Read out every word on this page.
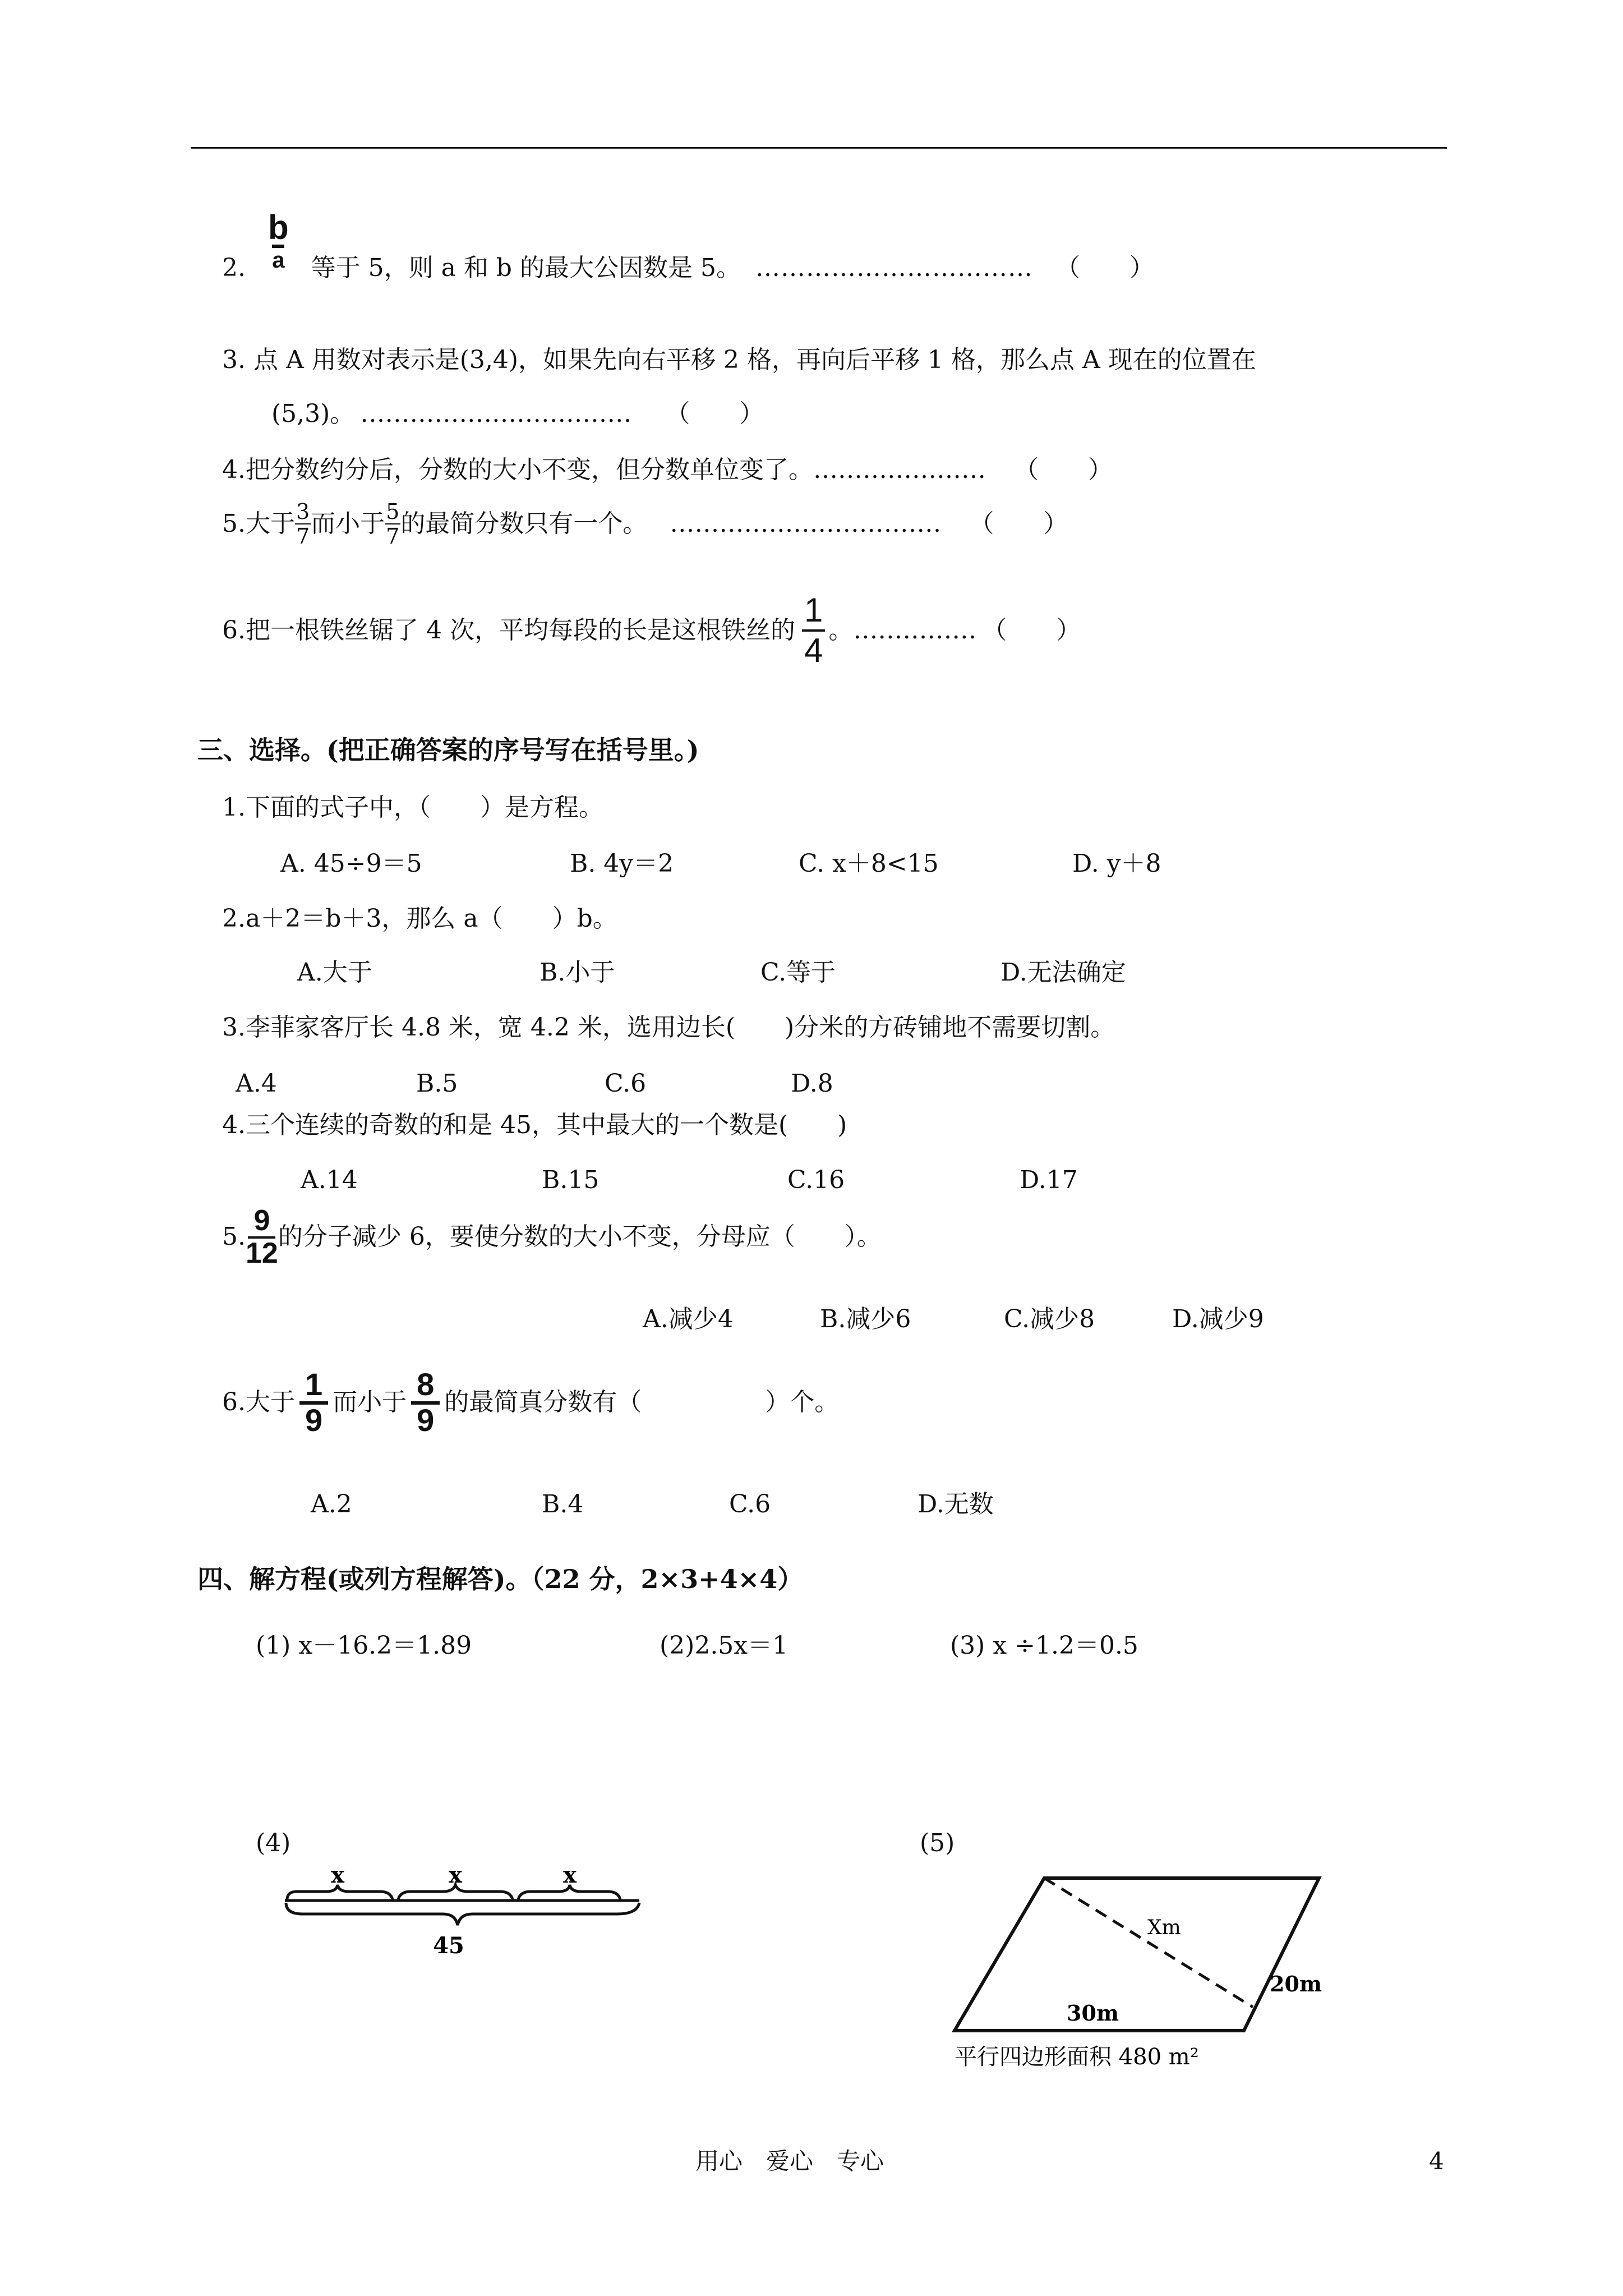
2. $\frac{b}{a}$ 等于 5，则 a 和 b 的最大公因数是 5。 …………………………… （　　）
3. 点 A 用数对表示是(3,4)，如果先向右平移 2 格，再向后平移 1 格，那么点 A 现在的位置在
(5,3)。 …………………………… （　　）
4.把分数约分后，分数的大小不变，但分数单位变了。………………… （　　）
5.大于 $\frac{3}{7}$ 而小于 $\frac{5}{7}$ 的最简分数只有一个。 …………………………… （　　）
6.把一根铁丝锯了 4 次，平均每段的长是这根铁丝的 $\frac{1}{4}$ 。…………… （　　）
三、选择。(把正确答案的序号写在括号里。)
1.下面的式子中，（　　）是方程。
A. 45÷9＝5	B. 4y＝2	C. x＋8<15	D. y＋8
2.a＋2＝b＋3，那么 a（　　）b。
A.大于	B.小于	C.等于	D.无法确定
3.李菲家客厅长 4.8 米，宽 4.2 米，选用边长(　　)分米的方砖铺地不需要切割。
A.4	B.5	C.6	D.8
4.三个连续的奇数的和是 45，其中最大的一个数是(　　)
A.14	B.15	C.16	D.17
5. $\frac{9}{12}$ 的分子减少 6，要使分数的大小不变，分母应（　　）。
A.减少4	B.减少6	C.减少8	D.减少9
6.大于 $\frac{1}{9}$ 而小于 $\frac{8}{9}$ 的最简真分数有（　　　　　）个。
A.2	B.4	C.6	D.无数
四、解方程(或列方程解答)。（22 分，2×3+4×4）
(1) x－16.2＝1.89	(2)2.5x＝1	(3) x ÷1.2＝0.5
(4)
x	x	x
45
(5)
Xm
20m
30m
平行四边形面积 480 m²
用心　爱心　专心	4
